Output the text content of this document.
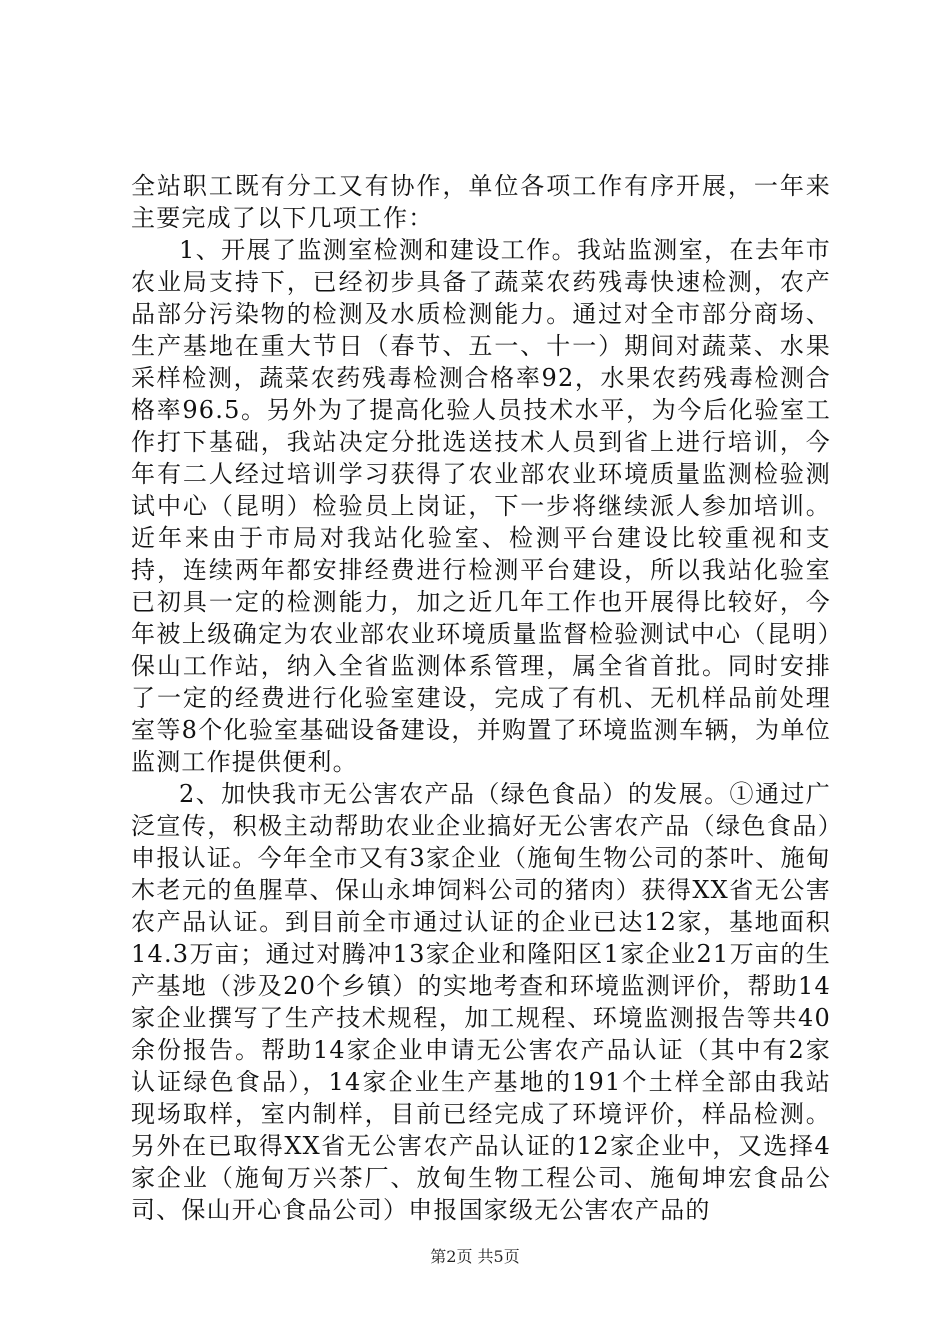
全站职工既有分工又有协作，单位各项工作有序开展，一年来主要完成了以下几项工作：

1、开展了监测室检测和建设工作。我站监测室，在去年市农业局支持下，已经初步具备了蔬菜农药残毒快速检测，农产品部分污染物的检测及水质检测能力。通过对全市部分商场、生产基地在重大节日（春节、五一、十一）期间对蔬菜、水果采样检测，蔬菜农药残毒检测合格率92，水果农药残毒检测合格率96.5。另外为了提高化验人员技术水平，为今后化验室工作打下基础，我站决定分批选送技术人员到省上进行培训，今年有二人经过培训学习获得了农业部农业环境质量监测检验测试中心（昆明）检验员上岗证，下一步将继续派人参加培训。近年来由于市局对我站化验室、检测平台建设比较重视和支持，连续两年都安排经费进行检测平台建设，所以我站化验室已初具一定的检测能力，加之近几年工作也开展得比较好，今年被上级确定为农业部农业环境质量监督检验测试中心（昆明）保山工作站，纳入全省监测体系管理，属全省首批。同时安排了一定的经费进行化验室建设，完成了有机、无机样品前处理室等8个化验室基础设备建设，并购置了环境监测车辆，为单位监测工作提供便利。

2、加快我市无公害农产品（绿色食品）的发展。①通过广泛宣传，积极主动帮助农业企业搞好无公害农产品（绿色食品）申报认证。今年全市又有3家企业（施甸生物公司的茶叶、施甸木老元的鱼腥草、保山永坤饲料公司的猪肉）获得XX省无公害农产品认证。到目前全市通过认证的企业已达12家，基地面积14.3万亩；通过对腾冲13家企业和隆阳区1家企业21万亩的生产基地（涉及20个乡镇）的实地考查和环境监测评价，帮助14家企业撰写了生产技术规程，加工规程、环境监测报告等共40余份报告。帮助14家企业申请无公害农产品认证（其中有2家认证绿色食品），14家企业生产基地的191个土样全部由我站现场取样，室内制样，目前已经完成了环境评价，样品检测。另外在已取得XX省无公害农产品认证的12家企业中，又选择4家企业（施甸万兴茶厂、放甸生物工程公司、施甸坤宏食品公司、保山开心食品公司）申报国家级无公害农产品的

第2页 共5页
